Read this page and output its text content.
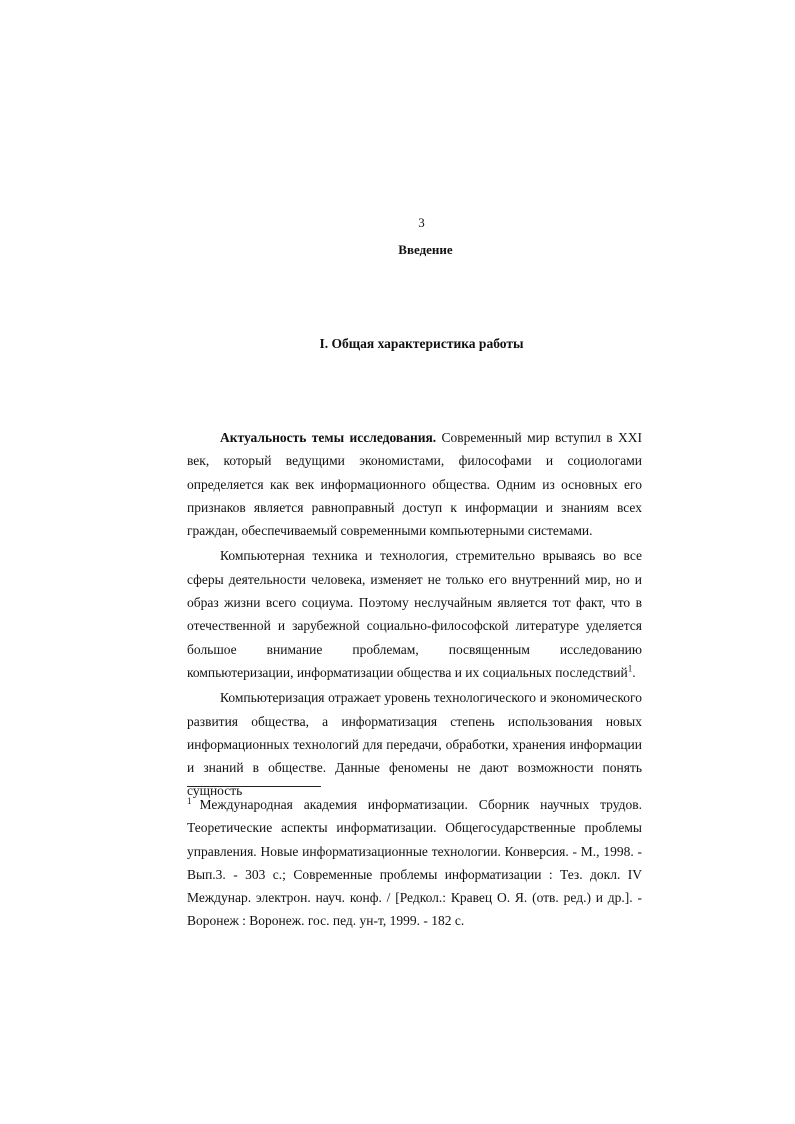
3
Введение
I. Общая характеристика работы

Актуальность темы исследования. Современный мир вступил в XXI век, который ведущими экономистами, философами и социологами определяется как век информационного общества. Одним из основных его признаков является равноправный доступ к информации и знаниям всех граждан, обеспечиваемый современными компьютерными системами.

Компьютерная техника и технология, стремительно врываясь во все сферы деятельности человека, изменяет не только его внутренний мир, но и образ жизни всего социума. Поэтому неслучайным является тот факт, что в отечественной и зарубежной социально-философской литературе уделяется большое внимание проблемам, посвященным исследованию компьютеризации, информатизации общества и их социальных последствий$^1$.

Компьютеризация отражает уровень технологического и экономического развития общества, а информатизация степень использования новых информационных технологий для передачи, обработки, хранения информации и знаний в обществе. Данные феномены не дают возможности понять сущность

$^1$ Международная академия информатизации. Сборник научных трудов. Теоретические аспекты информатизации. Общегосударственные проблемы управления. Новые информатизационные технологии. Конверсия. - М., 1998. - Вып.3. - 303 с.; Современные проблемы информатизации : Тез. докл. IV Междунар. электрон. науч. конф. / [Редкол.: Кравец О. Я. (отв. ред.) и др.]. - Воронеж : Воронеж. гос. пед. ун-т, 1999. - 182 с.
